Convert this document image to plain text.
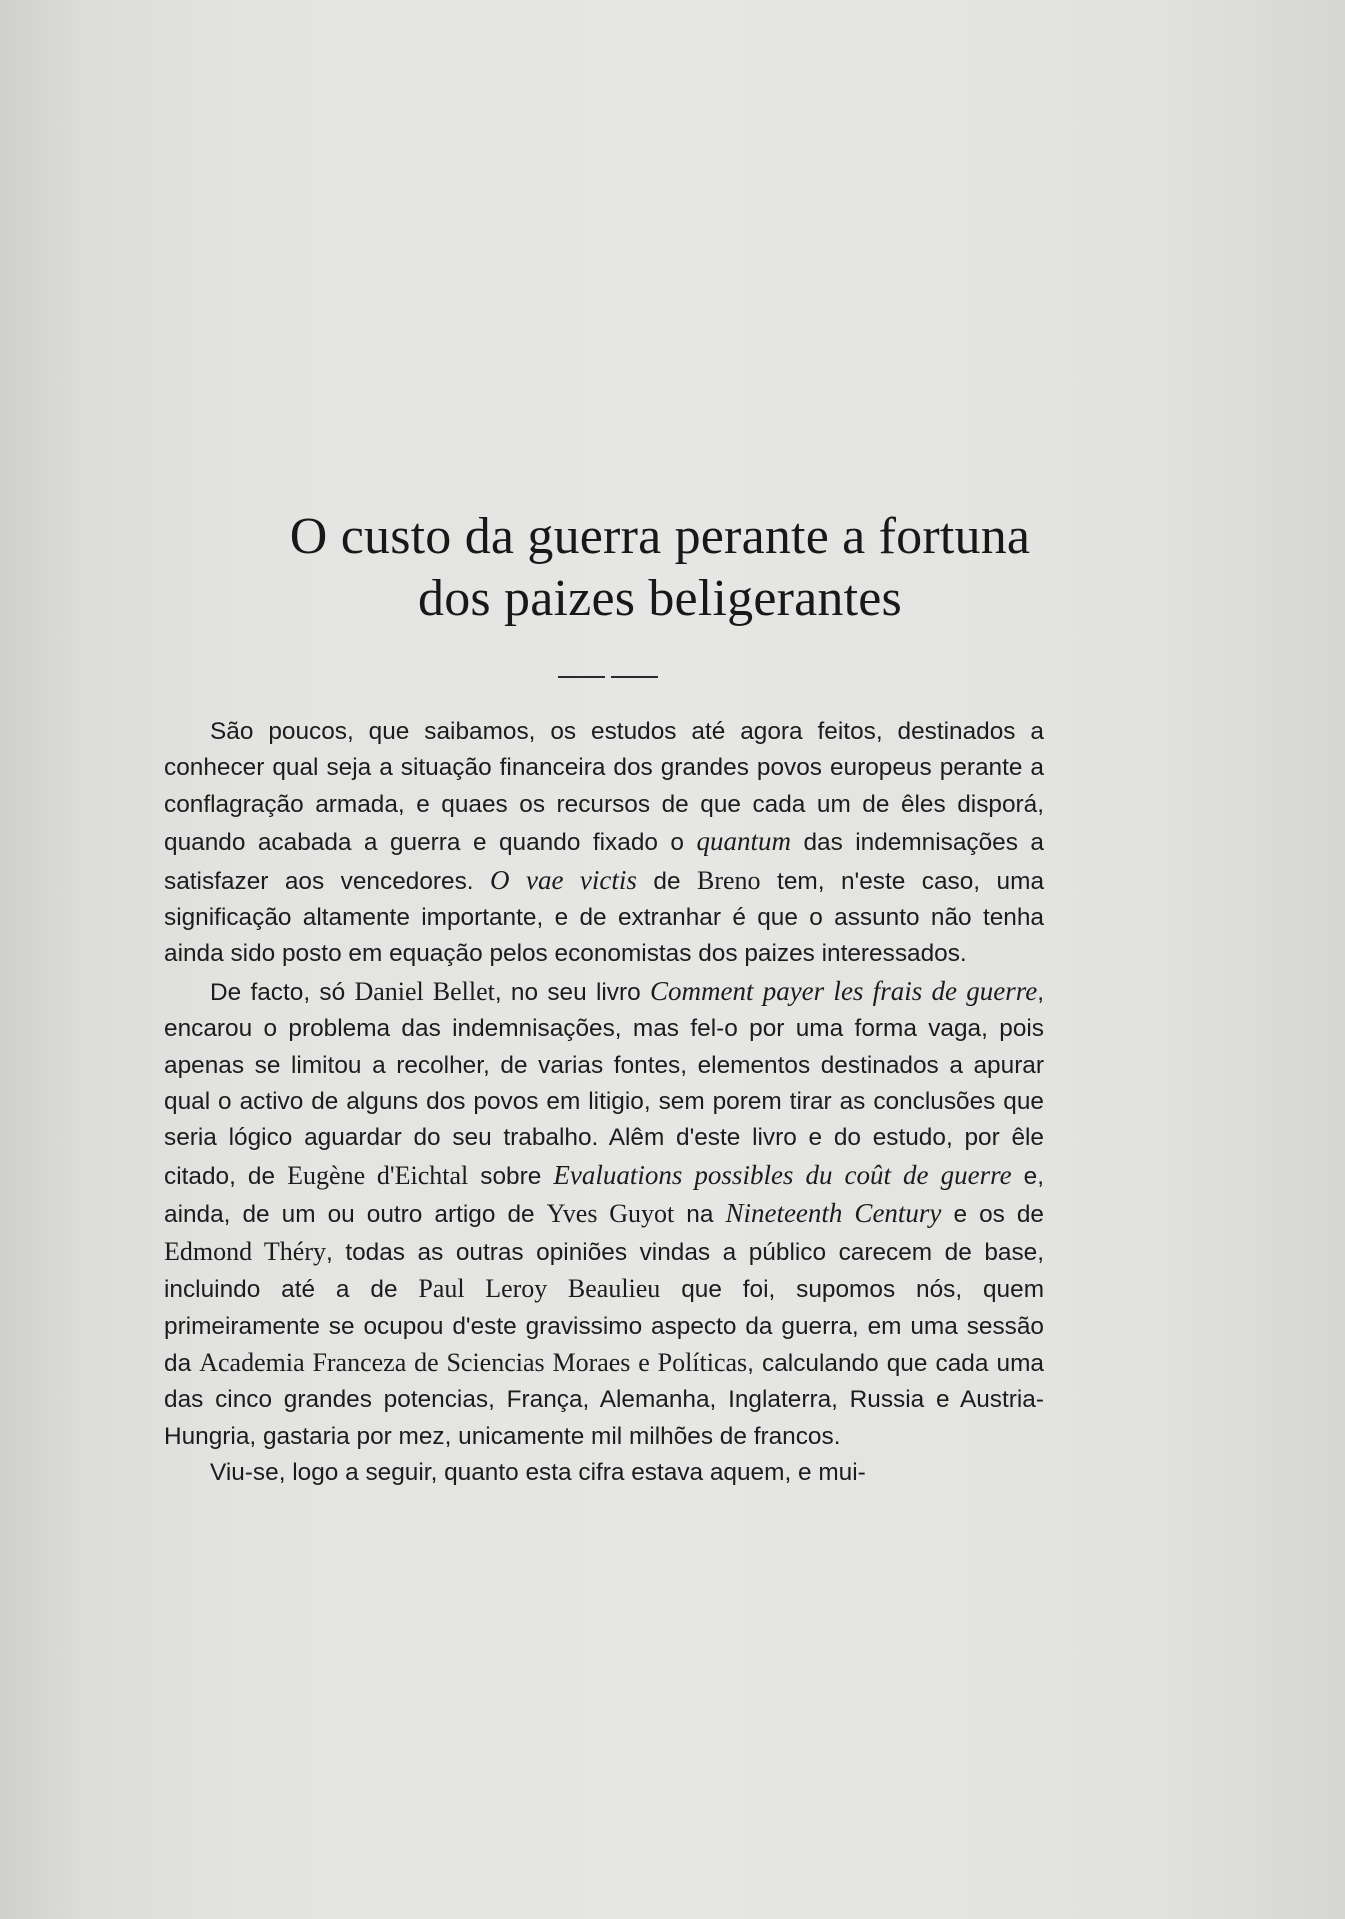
O custo da guerra perante a fortuna
dos paizes beligerantes

São poucos, que saibamos, os estudos até agora feitos, destinados a conhecer qual seja a situação financeira dos grandes povos europeus perante a conflagração armada, e quaes os recursos de que cada um de êles disporá, quando acabada a guerra e quando fixado o quantum das indemnisações a satisfazer aos vencedores. O vae victis de Breno tem, n'este caso, uma significação altamente importante, e de extranhar é que o assunto não tenha ainda sido posto em equação pelos economistas dos paizes interessados.

De facto, só Daniel Bellet, no seu livro Comment payer les frais de guerre, encarou o problema das indemnisações, mas fel-o por uma forma vaga, pois apenas se limitou a recolher, de varias fontes, elementos destinados a apurar qual o activo de alguns dos povos em litigio, sem porem tirar as conclusões que seria lógico aguardar do seu trabalho. Alêm d'este livro e do estudo, por êle citado, de Eugène d'Eichtal sobre Evaluations possibles du coût de guerre e, ainda, de um ou outro artigo de Yves Guyot na Nineteenth Century e os de Edmond Théry, todas as outras opiniões vindas a público carecem de base, incluindo até a de Paul Leroy Beaulieu que foi, supomos nós, quem primeiramente se ocupou d'este gravissimo aspecto da guerra, em uma sessão da Academia Franceza de Sciencias Moraes e Políticas, calculando que cada uma das cinco grandes potencias, França, Alemanha, Inglaterra, Russia e Austria-Hungria, gastaria por mez, unicamente mil milhões de francos.

Viu-se, logo a seguir, quanto esta cifra estava aquem, e mui-
